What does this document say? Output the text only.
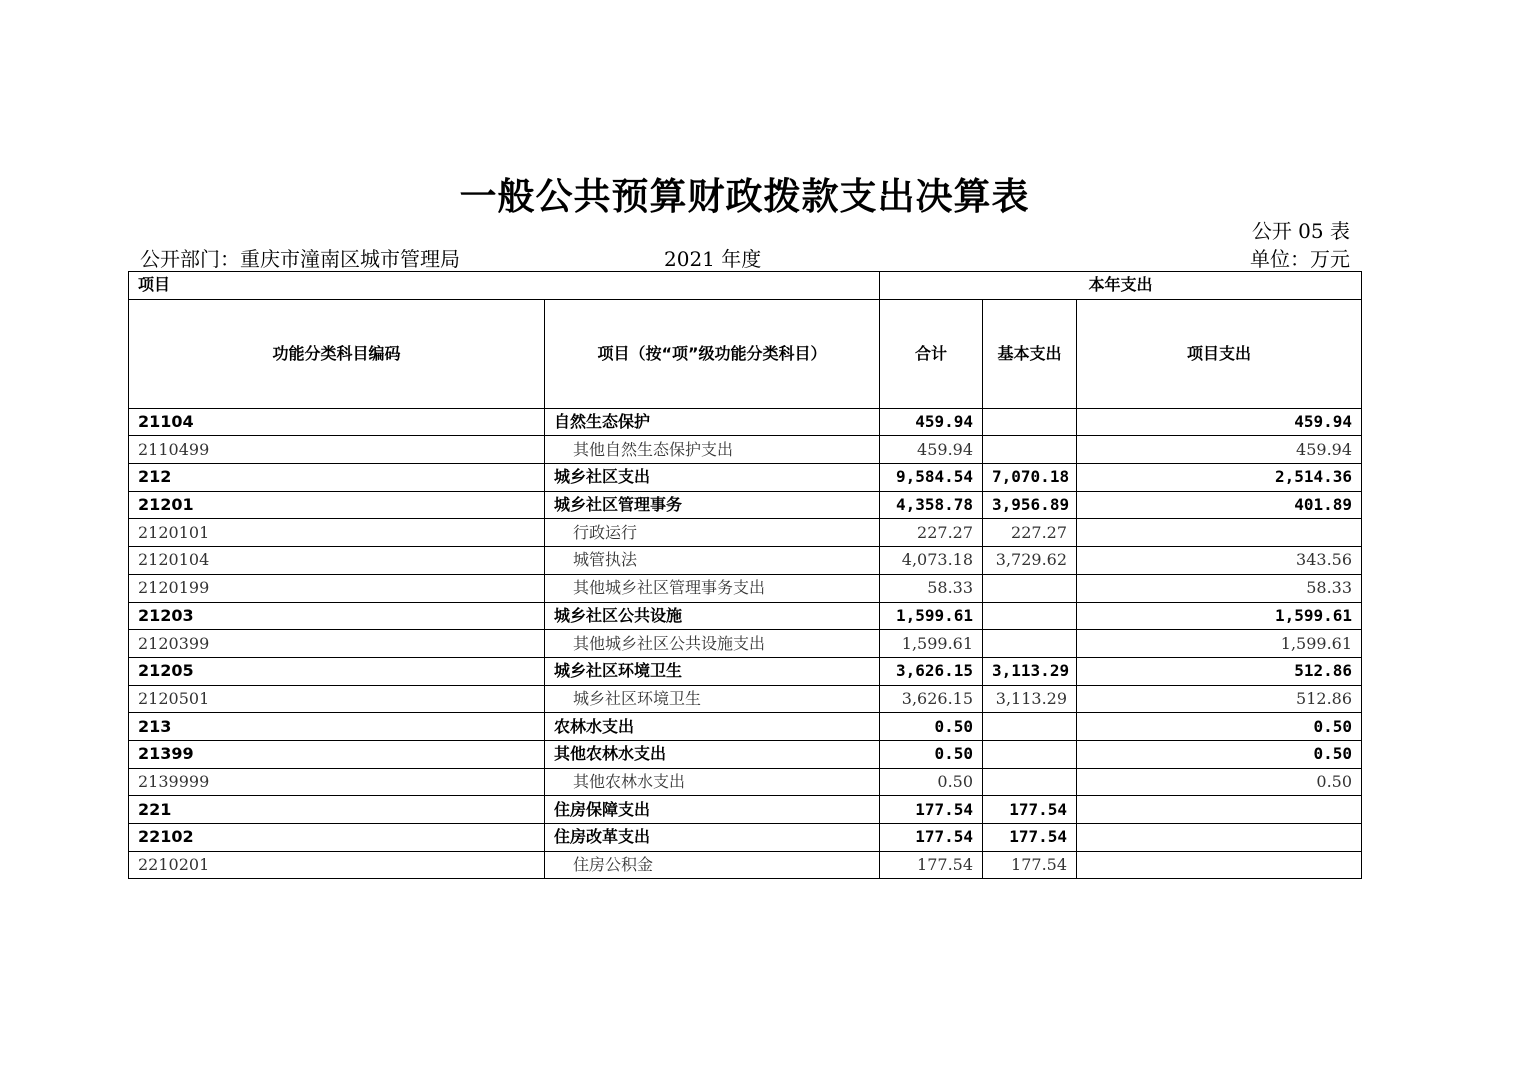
一般公共预算财政拨款支出决算表
公开 05 表
公开部门：重庆市潼南区城市管理局	2021 年度	单位：万元
项目		本年支出		
功能分类科目编码	项目（按“项”级功能分类科目）	合计	基本支出	项目支出
21104	自然生态保护	459.94		459.94
2110499	其他自然生态保护支出	459.94		459.94
212	城乡社区支出	9,584.54	7,070.18	2,514.36
21201	城乡社区管理事务	4,358.78	3,956.89	401.89
2120101	行政运行	227.27	227.27	
2120104	城管执法	4,073.18	3,729.62	343.56
2120199	其他城乡社区管理事务支出	58.33		58.33
21203	城乡社区公共设施	1,599.61		1,599.61
2120399	其他城乡社区公共设施支出	1,599.61		1,599.61
21205	城乡社区环境卫生	3,626.15	3,113.29	512.86
2120501	城乡社区环境卫生	3,626.15	3,113.29	512.86
213	农林水支出	0.50		0.50
21399	其他农林水支出	0.50		0.50
2139999	其他农林水支出	0.50		0.50
221	住房保障支出	177.54	177.54	
22102	住房改革支出	177.54	177.54	
2210201	住房公积金	177.54	177.54	
